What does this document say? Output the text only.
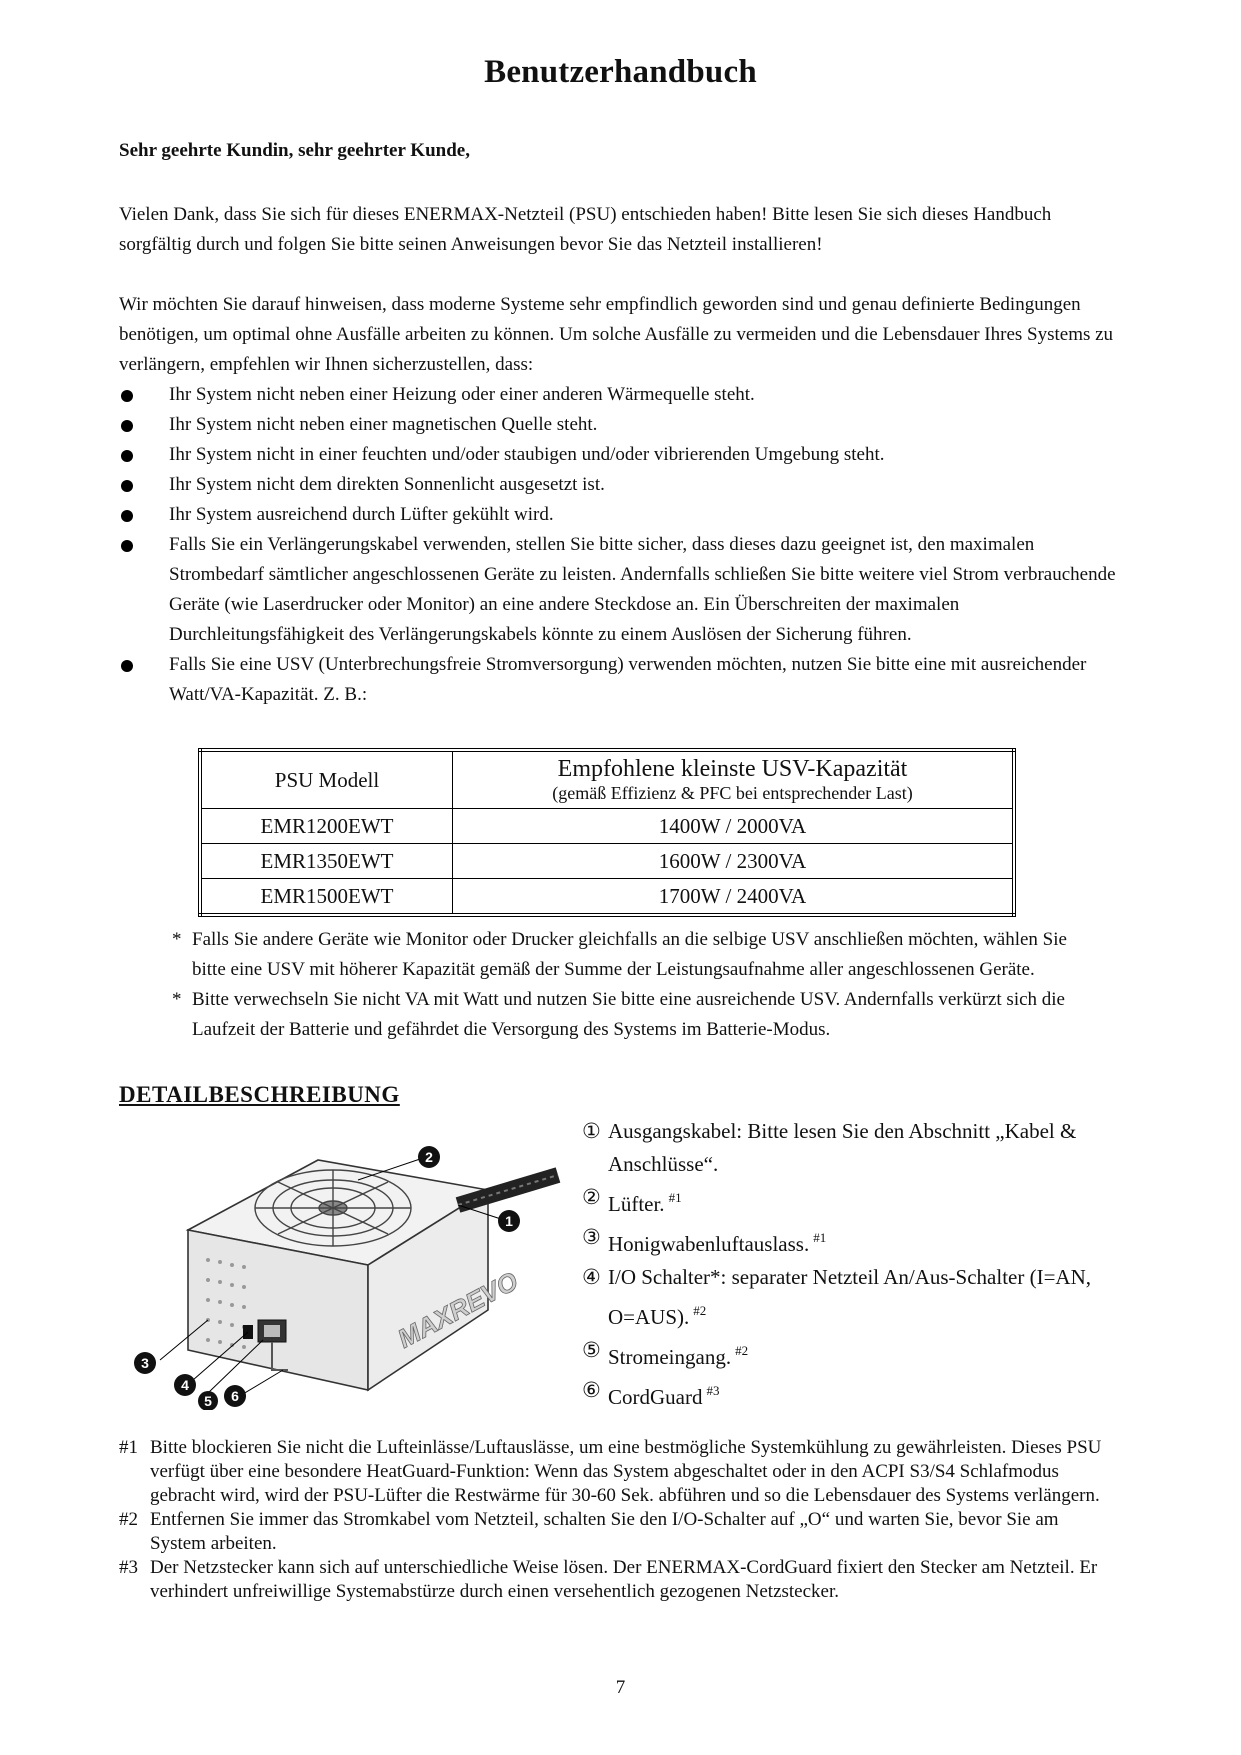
Benutzerhandbuch

Sehr geehrte Kundin, sehr geehrter Kunde,

Vielen Dank, dass Sie sich für dieses ENERMAX-Netzteil (PSU) entschieden haben! Bitte lesen Sie sich dieses Handbuch sorgfältig durch und folgen Sie bitte seinen Anweisungen bevor Sie das Netzteil installieren!

Wir möchten Sie darauf hinweisen, dass moderne Systeme sehr empfindlich geworden sind und genau definierte Bedingungen benötigen, um optimal ohne Ausfälle arbeiten zu können. Um solche Ausfälle zu vermeiden und die Lebensdauer Ihres Systems zu verlängern, empfehlen wir Ihnen sicherzustellen, dass:

Ihr System nicht neben einer Heizung oder einer anderen Wärmequelle steht.
Ihr System nicht neben einer magnetischen Quelle steht.
Ihr System nicht in einer feuchten und/oder staubigen und/oder vibrierenden Umgebung steht.
Ihr System nicht dem direkten Sonnenlicht ausgesetzt ist.
Ihr System ausreichend durch Lüfter gekühlt wird.
Falls Sie ein Verlängerungskabel verwenden, stellen Sie bitte sicher, dass dieses dazu geeignet ist, den maximalen Strombedarf sämtlicher angeschlossenen Geräte zu leisten. Andernfalls schließen Sie bitte weitere viel Strom verbrauchende Geräte (wie Laserdrucker oder Monitor) an eine andere Steckdose an. Ein Überschreiten der maximalen Durchleitungsfähigkeit des Verlängerungskabels könnte zu einem Auslösen der Sicherung führen.
Falls Sie eine USV (Unterbrechungsfreie Stromversorgung) verwenden möchten, nutzen Sie bitte eine mit ausreichender Watt/VA-Kapazität. Z. B.:
PSU Modell	Empfohlene kleinste USV-Kapazität
(gemäß Effizienz & PFC bei entsprechender Last)

EMR1200EWT	1400W / 2000VA
EMR1350EWT	1600W / 2300VA
EMR1500EWT	1700W / 2400VA
* Falls Sie andere Geräte wie Monitor oder Drucker gleichfalls an die selbige USV anschließen möchten, wählen Sie bitte eine USV mit höherer Kapazität gemäß der Summe der Leistungsaufnahme aller angeschlossenen Geräte.
* Bitte verwechseln Sie nicht VA mit Watt und nutzen Sie bitte eine ausreichende USV. Andernfalls verkürzt sich die Laufzeit der Batterie und gefährdet die Versorgung des Systems im Batterie-Modus.
DETAILBESCHREIBUNG
MAXREVO
1
2
3
4
5 6
① Ausgangskabel: Bitte lesen Sie den Abschnitt „Kabel & Anschlüsse“.
② Lüfter. $^{\#1}$
③ Honigwabenluftauslass. $^{\#1}$
④ I/O Schalter*: separater Netzteil An/Aus-Schalter (I=AN, O=AUS). $^{\#2}$
⑤ Stromeingang. $^{\#2}$
⑥ CordGuard $^{\#3}$
#1 Bitte blockieren Sie nicht die Lufteinlässe/Luftauslässe, um eine bestmögliche Systemkühlung zu gewährleisten. Dieses PSU verfügt über eine besondere HeatGuard-Funktion: Wenn das System abgeschaltet oder in den ACPI S3/S4 Schlafmodus gebracht wird, wird der PSU-Lüfter die Restwärme für 30-60 Sek. abführen und so die Lebensdauer des Systems verlängern.
#2 Entfernen Sie immer das Stromkabel vom Netzteil, schalten Sie den I/O-Schalter auf „O“ und warten Sie, bevor Sie am System arbeiten.
#3 Der Netzstecker kann sich auf unterschiedliche Weise lösen. Der ENERMAX-CordGuard fixiert den Stecker am Netzteil. Er verhindert unfreiwillige Systemabstürze durch einen versehentlich gezogenen Netzstecker.

7
